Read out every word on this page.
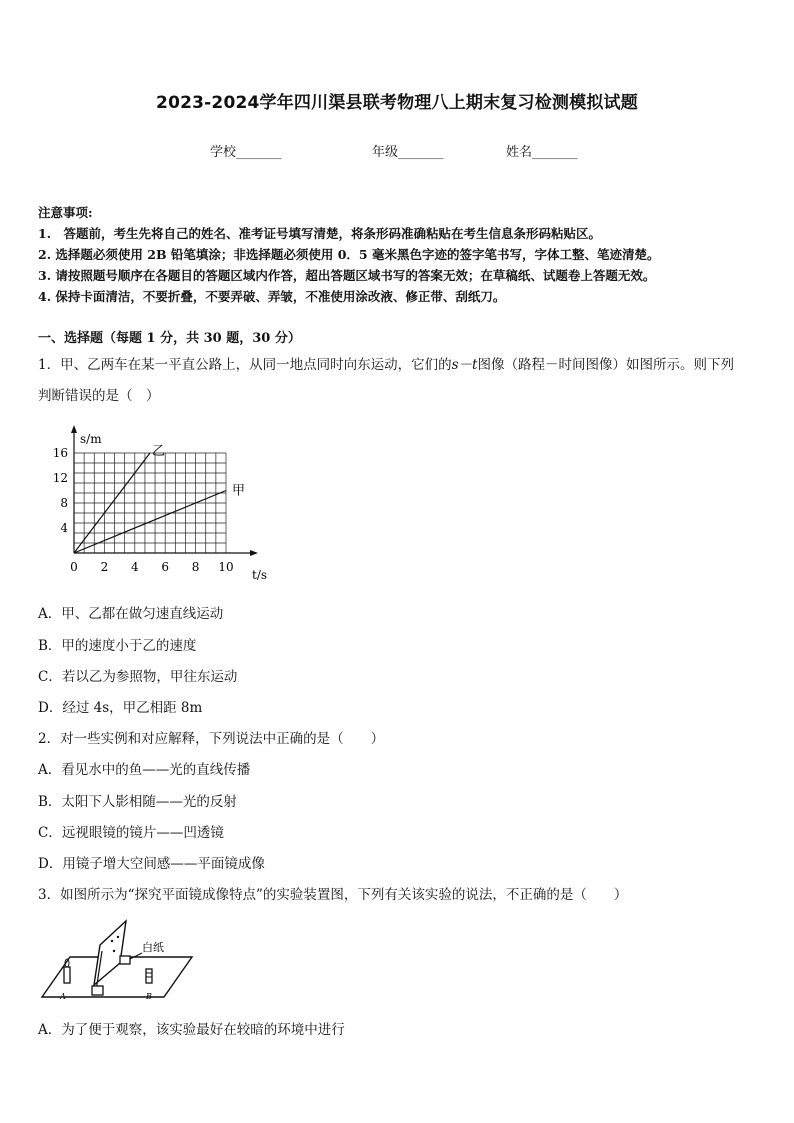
2023-2024学年四川渠县联考物理八上期末复习检测模拟试题
学校_______	年级_______	姓名_______
注意事项:
1.　答题前，考生先将自己的姓名、准考证号填写清楚，将条形码准确粘贴在考生信息条形码粘贴区。
2. 选择题必须使用 2B 铅笔填涂；非选择题必须使用 0．5 毫米黑色字迹的签字笔书写，字体工整、笔迹清楚。
3. 请按照题号顺序在各题目的答题区域内作答，超出答题区域书写的答案无效；在草稿纸、试题卷上答题无效。
4. 保持卡面清洁，不要折叠，不要弄破、弄皱，不准使用涂改液、修正带、刮纸刀。
一、选择题（每题 1 分，共 30 题，30 分）
1．甲、乙两车在某一平直公路上，从同一地点同时向东运动，它们的s－t图像（路程－时间图像）如图所示。则下列
判断错误的是（　）
s/m
t/s
0 2 4 6 8 10
4
8
12
16	乙
甲
A．甲、乙都在做匀速直线运动
B．甲的速度小于乙的速度
C．若以乙为参照物，甲往东运动
D．经过 4s，甲乙相距 8m
2．对一些实例和对应解释，下列说法中正确的是（　　）
A．看见水中的鱼——光的直线传播
B．太阳下人影相随——光的反射
C．远视眼镜的镜片——凹透镜
D．用镜子增大空间感——平面镜成像
3．如图所示为“探究平面镜成像特点”的实验装置图，下列有关该实验的说法，不正确的是（　　）
白纸
A	B
A．为了便于观察，该实验最好在较暗的环境中进行
